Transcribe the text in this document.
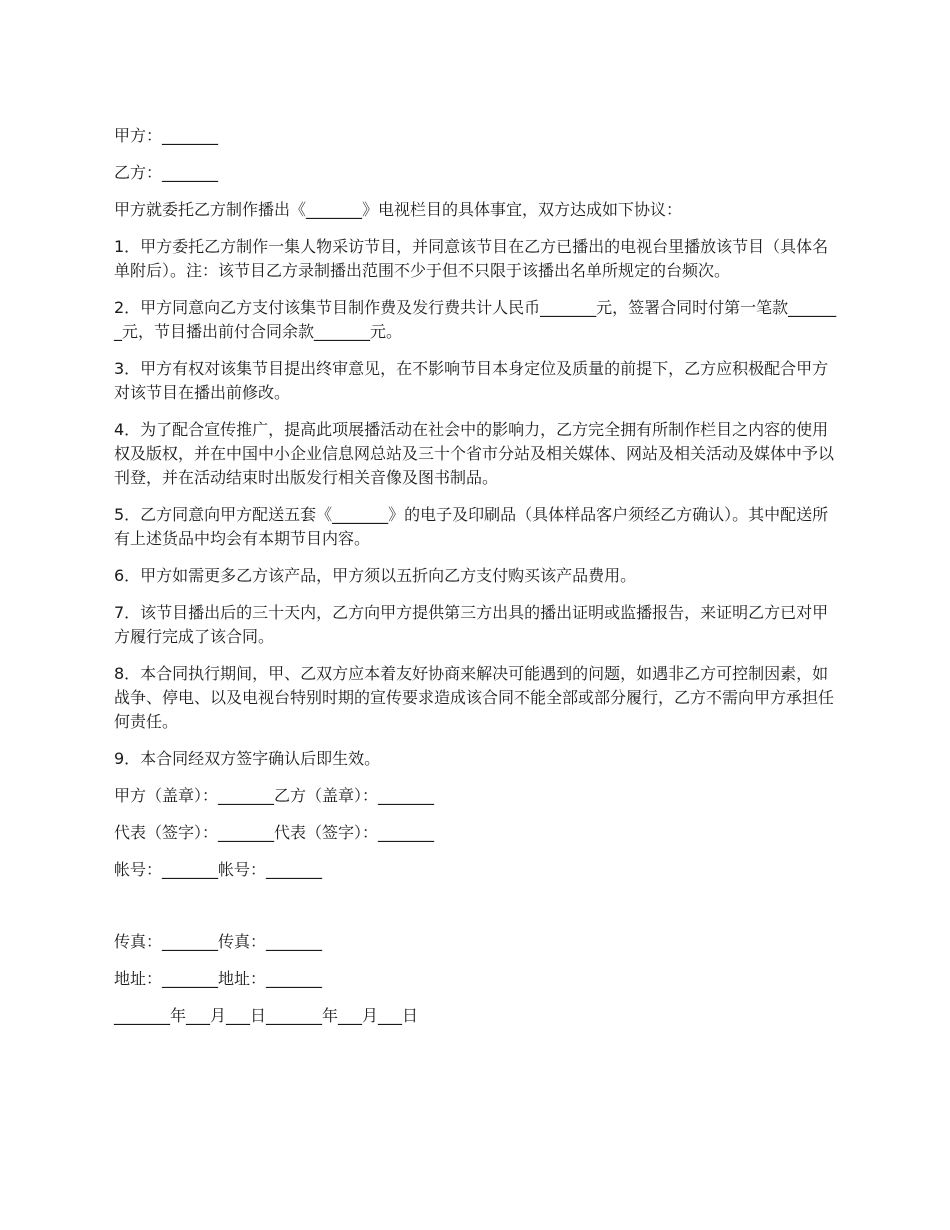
甲方：_______

乙方：_______

甲方就委托乙方制作播出《_______》电视栏目的具体事宜，双方达成如下协议：

1．甲方委托乙方制作一集人物采访节目，并同意该节目在乙方已播出的电视台里播放该节目（具体名单附后）。注：该节目乙方录制播出范围不少于但不只限于该播出名单所规定的台频次。

2．甲方同意向乙方支付该集节目制作费及发行费共计人民币_______元，签署合同时付第一笔款_______元，节目播出前付合同余款_______元。

3．甲方有权对该集节目提出终审意见，在不影响节目本身定位及质量的前提下，乙方应积极配合甲方对该节目在播出前修改。

4．为了配合宣传推广，提高此项展播活动在社会中的影响力，乙方完全拥有所制作栏目之内容的使用权及版权，并在中国中小企业信息网总站及三十个省市分站及相关媒体、网站及相关活动及媒体中予以刊登，并在活动结束时出版发行相关音像及图书制品。

5．乙方同意向甲方配送五套《_______》的电子及印刷品（具体样品客户须经乙方确认）。其中配送所有上述货品中均会有本期节目内容。

6．甲方如需更多乙方该产品，甲方须以五折向乙方支付购买该产品费用。

7．该节目播出后的三十天内，乙方向甲方提供第三方出具的播出证明或监播报告，来证明乙方已对甲方履行完成了该合同。

8．本合同执行期间，甲、乙双方应本着友好协商来解决可能遇到的问题，如遇非乙方可控制因素，如战争、停电、以及电视台特别时期的宣传要求造成该合同不能全部或部分履行，乙方不需向甲方承担任何责任。

9．本合同经双方签字确认后即生效。

甲方（盖章）：_______乙方（盖章）：_______

代表（签字）：_______代表（签字）：_______

帐号：_______帐号：_______

传真：_______传真：_______

地址：_______地址：_______

_______年___月___日_______年___月___日
